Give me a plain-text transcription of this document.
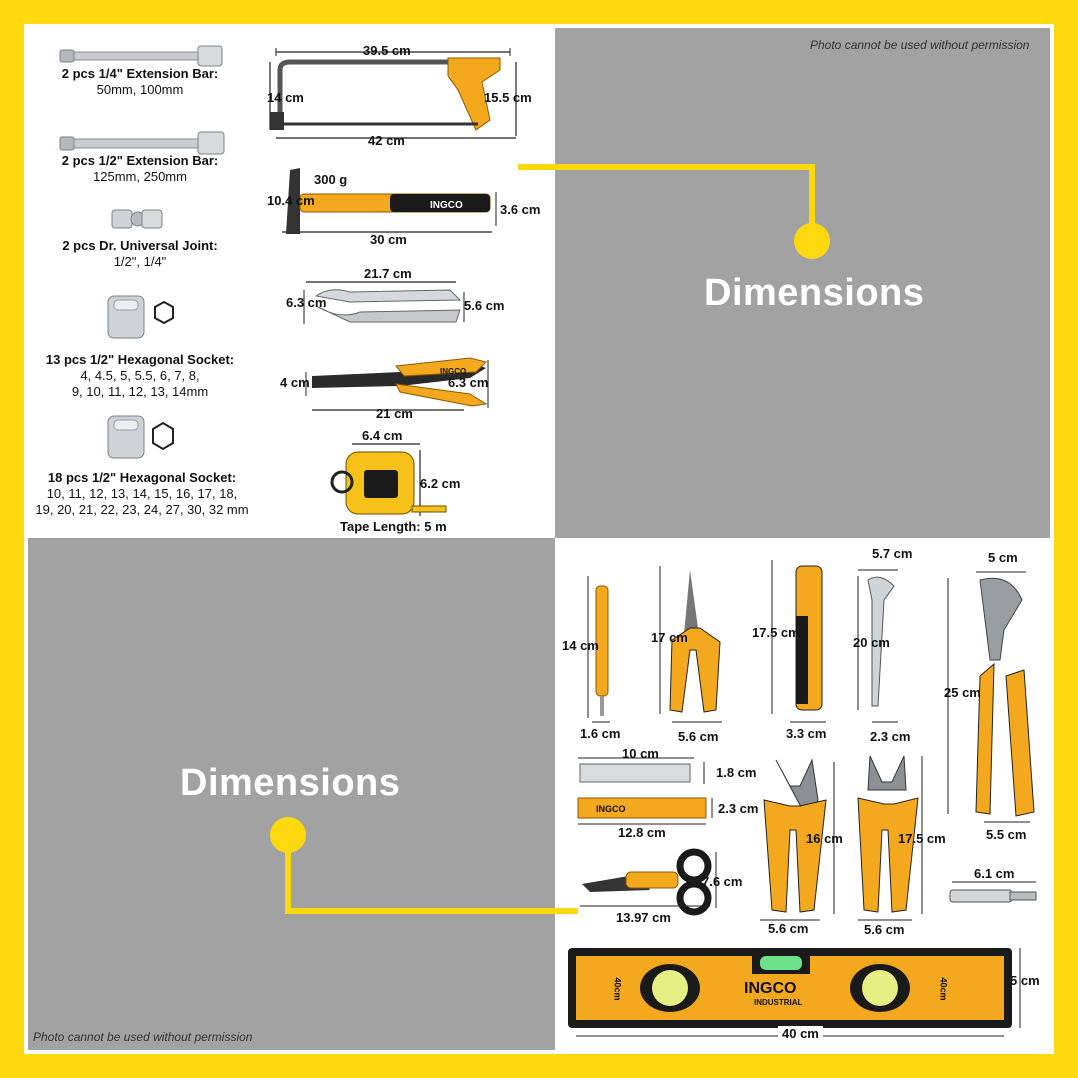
Dimensions
Dimensions
Photo cannot be used without permission
Photo cannot be used without permission
2 pcs 1/4" Extension Bar:
50mm, 100mm
2 pcs 1/2" Extension Bar:
125mm, 250mm
2 pcs Dr. Universal Joint:
1/2", 1/4"
13 pcs 1/2" Hexagonal Socket:
4, 4.5, 5, 5.5, 6, 7, 8,
9, 10, 11, 12, 13, 14mm
18 pcs 1/2" Hexagonal Socket:
10, 11, 12, 13, 14, 15, 16, 17, 18,
19, 20, 21, 22, 23, 24, 27, 30, 32 mm
INGCO
INGCO
39.5 cm
42 cm
14 cm	15.5 cm
300 g
10.4 cm
30 cm
3.6 cm
21.7 cm
6.3 cm	5.6 cm
21 cm
4 cm	6.3 cm
6.4 cm
6.2 cm
Tape Length: 5 m
INGCO
INGCO
14 cm
1.6 cm
17 cm
5.6 cm
17.5 cm
3.3 cm
20 cm
5.7 cm
2.3 cm
25 cm
5 cm
5.5 cm
10 cm
1.8 cm
12.8 cm
2.3 cm
13.97 cm
7.6 cm
16 cm
5.6 cm
17.5 cm
5.6 cm
6.1 cm
40 cm
5 cm
INGCO
INDUSTRIAL
40cm	40cm
